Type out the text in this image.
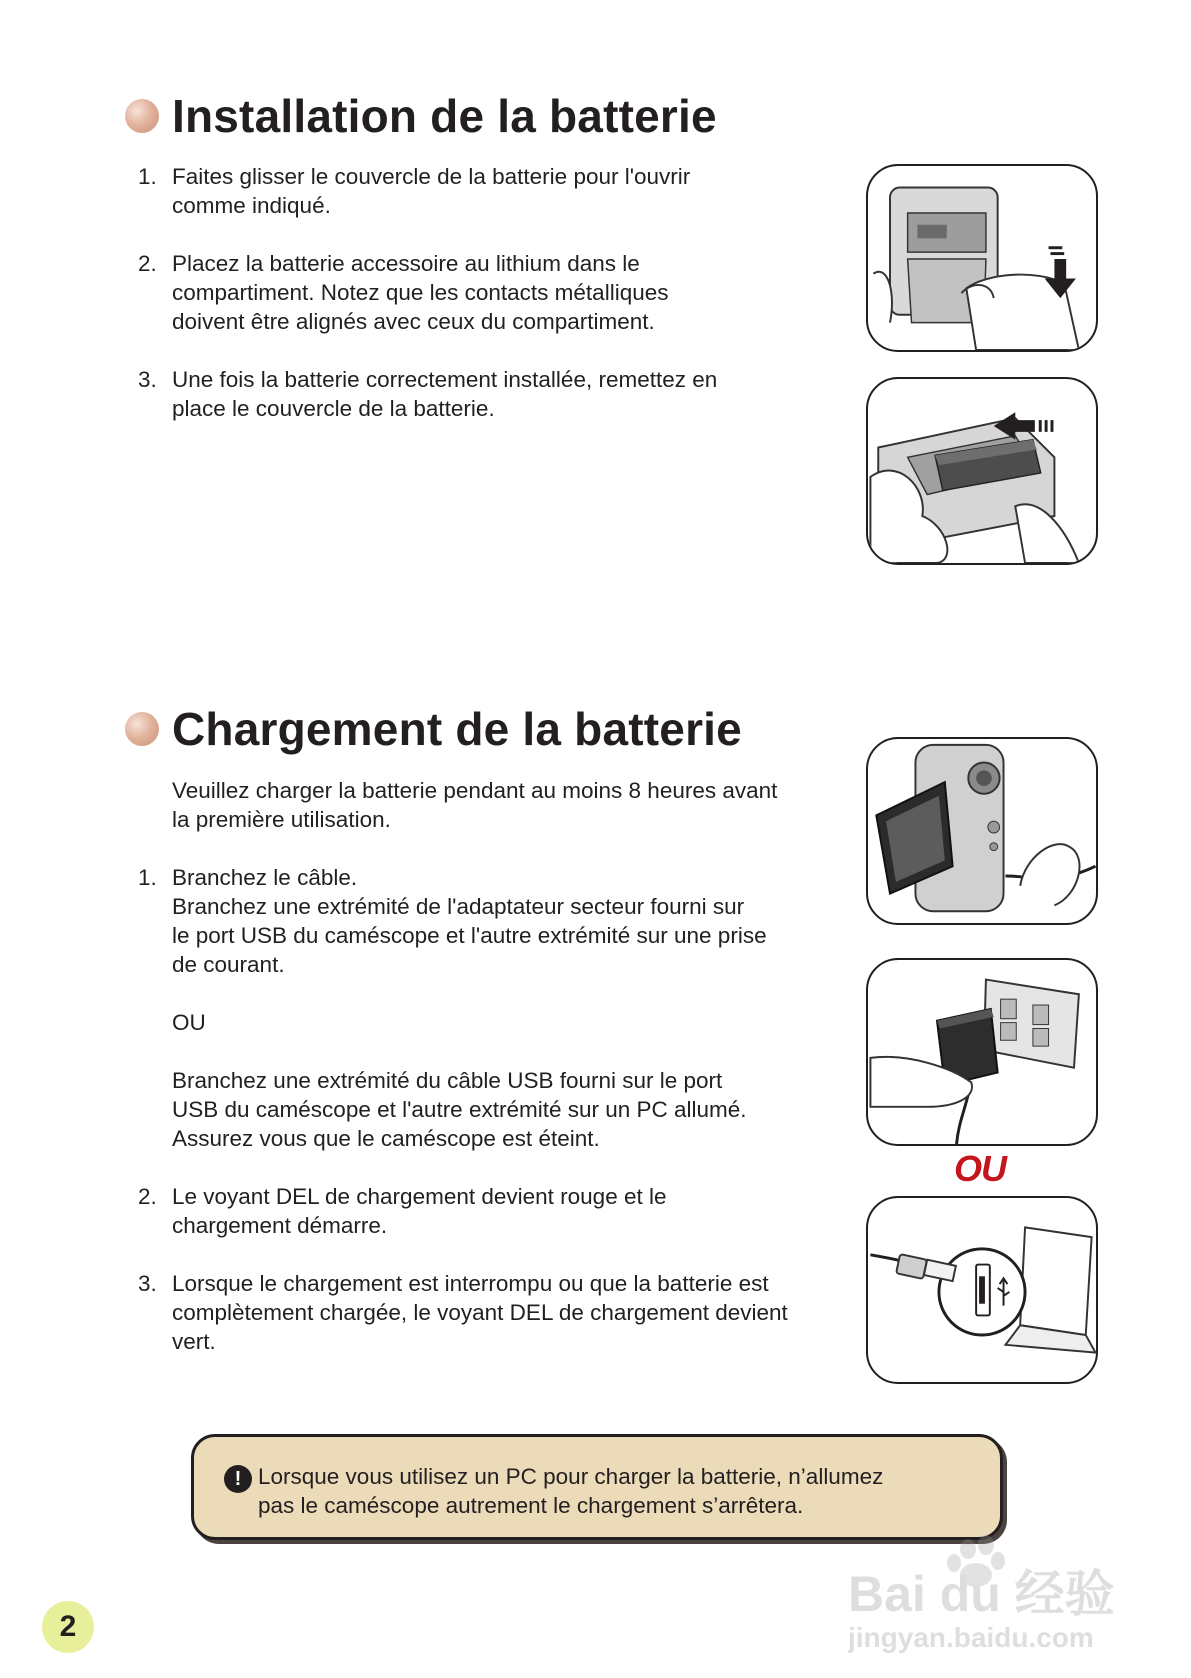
Installation de la batterie
1. Faites glisser le couvercle de la batterie pour l'ouvrir
comme indiqué.
2. Placez la batterie accessoire au lithium dans le
compartiment. Notez que les contacts métalliques
doivent être alignés avec ceux du compartiment.
3. Une fois la batterie correctement installée, remettez en
place le couvercle de la batterie.
Chargement de la batterie
Veuillez charger la batterie pendant au moins 8 heures avant
la première utilisation.
1. Branchez le câble.
Branchez une extrémité de l'adaptateur secteur fourni sur
le port USB du caméscope et l'autre extrémité sur une prise
de courant.
OU
Branchez une extrémité du câble USB fourni sur le port
USB du caméscope et l'autre extrémité sur un PC allumé.
Assurez vous que le caméscope est éteint.
2. Le voyant DEL de chargement devient rouge et le
chargement démarre.
3. Lorsque le chargement est interrompu ou que la batterie est
complètement chargée, le voyant DEL de chargement devient
vert.
OU
! Lorsque vous utilisez un PC pour charger la batterie, n’allumez
pas le caméscope autrement le chargement s’arrêtera.
2
Bai du 经验
jingyan.baidu.com
